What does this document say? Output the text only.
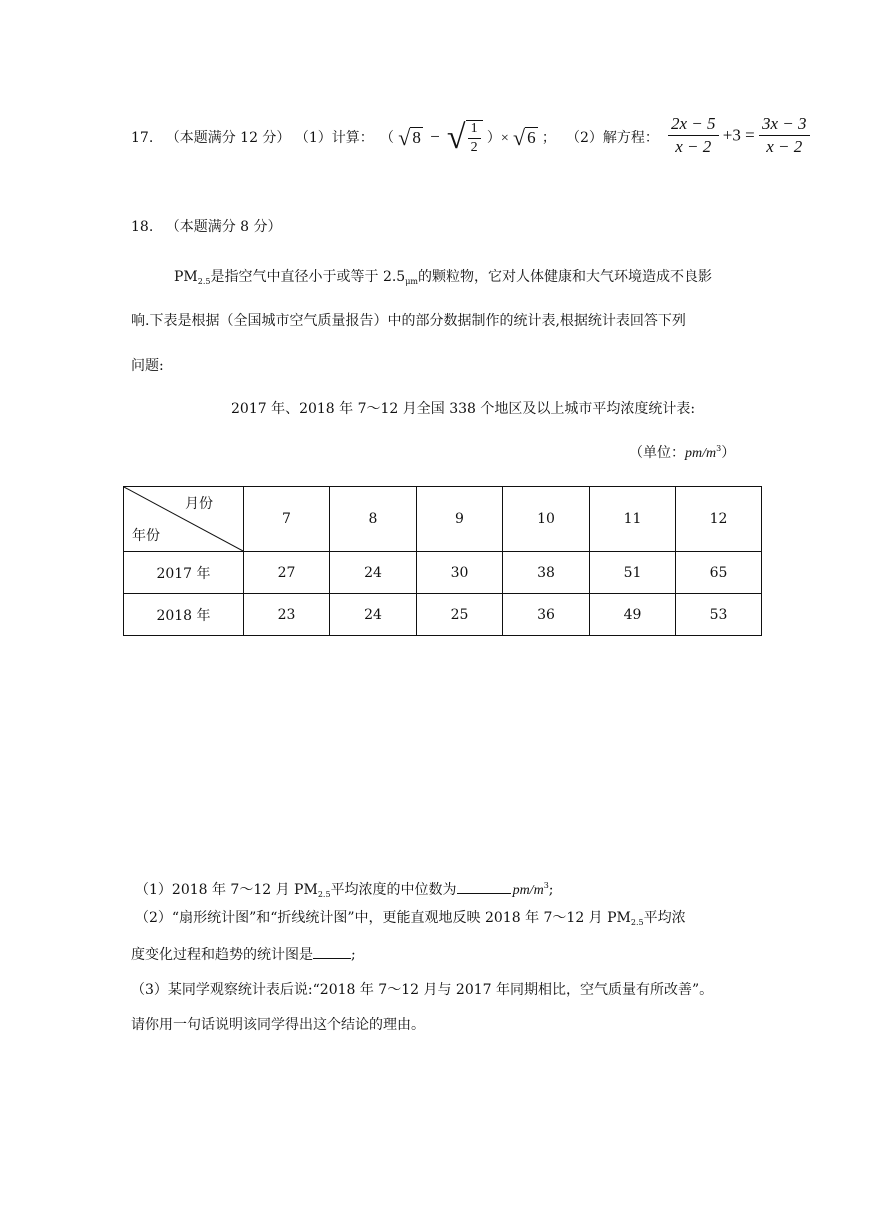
17. （本题满分 12 分） （1）计算： （ √ 8 − √ $\frac{1}{2}$ ）× √ 6 ； （2）解方程： $\frac{2x - 5}{x - 2} +3 = \frac{3x - 3}{x - 2}$
18. （本题满分 8 分）
$PM_{2.5}$是指空气中直径小于或等于 $2.5_{\mu m}$的颗粒物，它对人体健康和大气环境造成不良影
响.下表是根据（全国城市空气质量报告）中的部分数据制作的统计表,根据统计表回答下列
问题:
2017 年、2018 年 7～12 月全国 338 个地区及以上城市平均浓度统计表:
（单位：$pm/m^3$）
月份
年份	7	8	9	10	11	12
2017 年	27	24	30	38	51	65
2018 年	23	24	25	36	49	53
（1）2018 年 7～12 月 $PM_{2.5}$平均浓度的中位数为	$pm/m^3$;
（2）“扇形统计图”和“折线统计图”中，更能直观地反映 2018 年 7～12 月 $PM_{2.5}$平均浓
度变化过程和趋势的统计图是	;
（3）某同学观察统计表后说:“2018 年 7～12 月与 2017 年同期相比，空气质量有所改善”。
请你用一句话说明该同学得出这个结论的理由。
